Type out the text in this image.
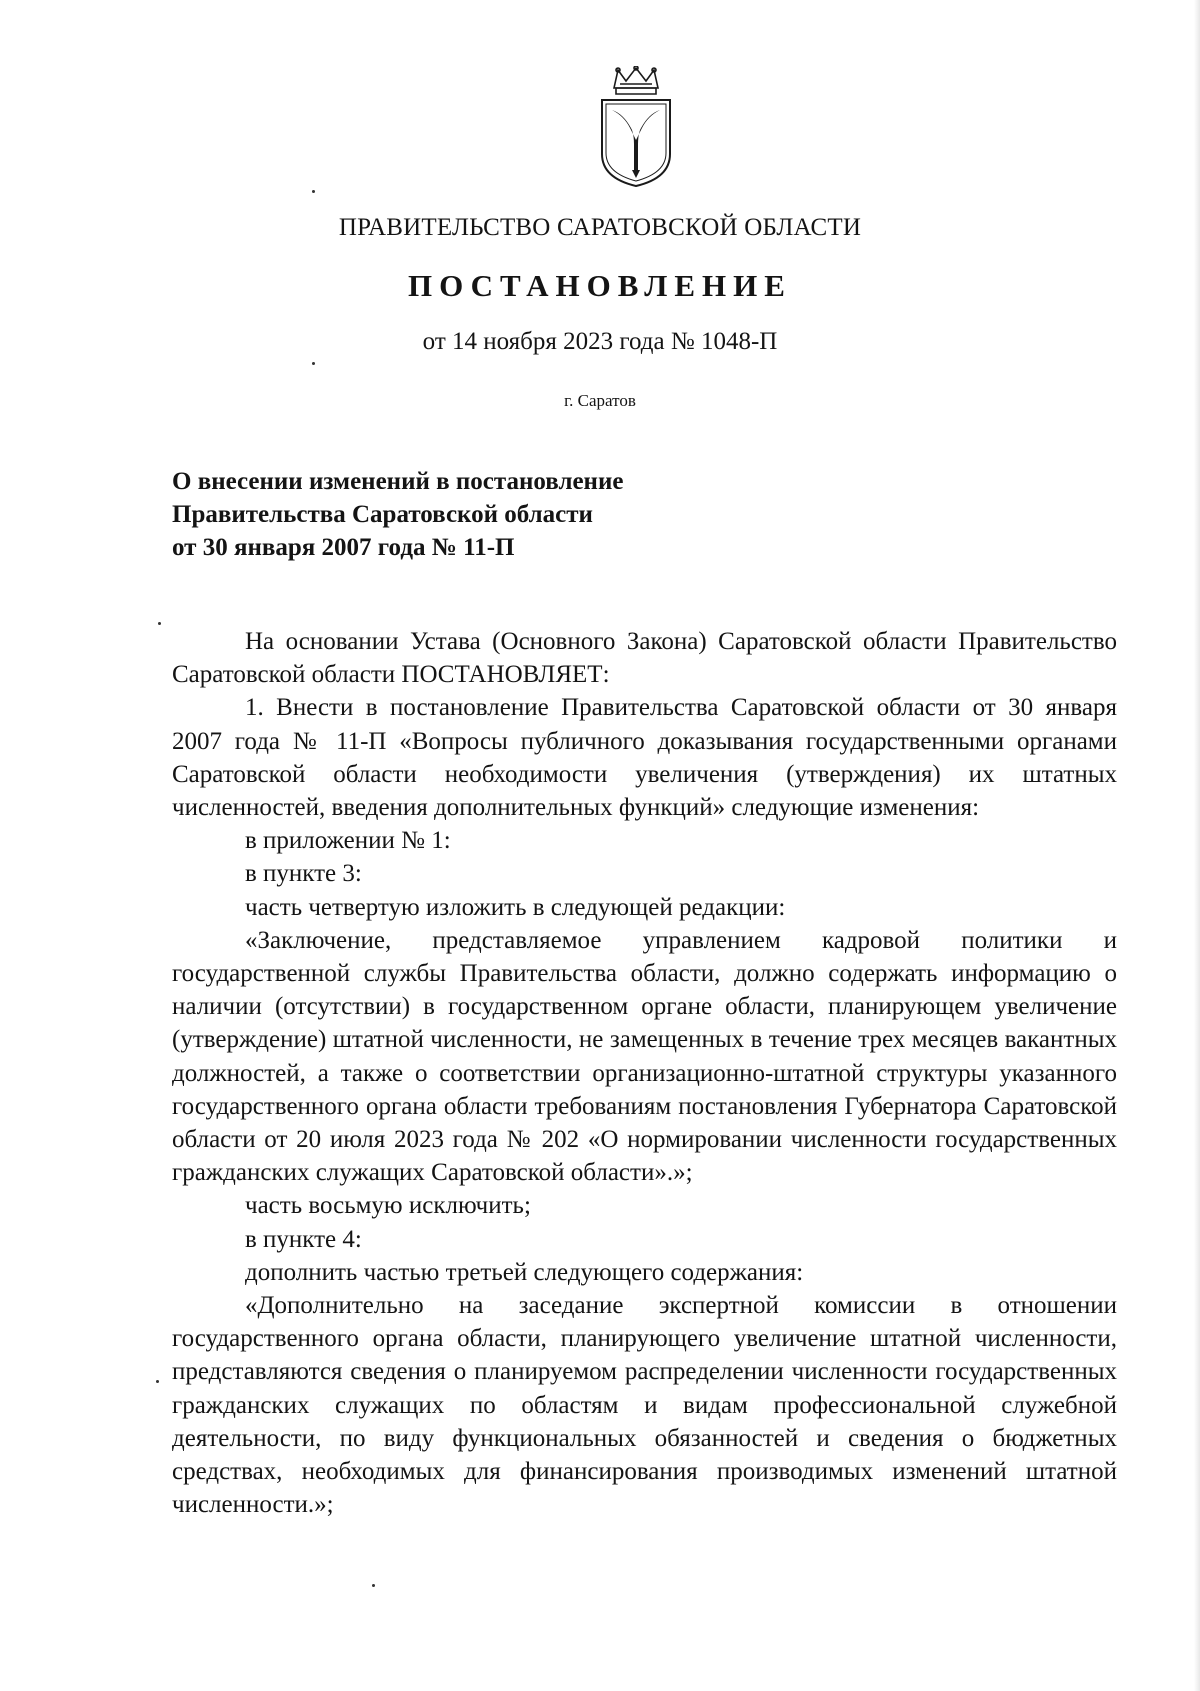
ПРАВИТЕЛЬСТВО САРАТОВСКОЙ ОБЛАСТИ
ПОСТАНОВЛЕНИЕ
от 14 ноября 2023 года № 1048-П
г. Саратов
О внесении изменений в постановление
Правительства Саратовской области
от 30 января 2007 года № 11-П

На основании Устава (Основного Закона) Саратовской области Правительство Саратовской области ПОСТАНОВЛЯЕТ:

1. Внести в постановление Правительства Саратовской области от 30 января 2007 года № 11-П «Вопросы публичного доказывания государственными органами Саратовской области необходимости увеличения (утверждения) их штатных численностей, введения дополнительных функций» следующие изменения:

в приложении № 1:

в пункте 3:

часть четвертую изложить в следующей редакции:

«Заключение, представляемое управлением кадровой политики и государственной службы Правительства области, должно содержать информацию о наличии (отсутствии) в государственном органе области, планирующем увеличение (утверждение) штатной численности, не замещенных в течение трех месяцев вакантных должностей, а также о соответствии организационно-штатной структуры указанного государственного органа области требованиям постановления Губернатора Саратовской области от 20 июля 2023 года № 202 «О нормировании численности государственных гражданских служащих Саратовской области».»;

часть восьмую исключить;

в пункте 4:

дополнить частью третьей следующего содержания:

«Дополнительно на заседание экспертной комиссии в отношении государственного органа области, планирующего увеличение штатной численности, представляются сведения о планируемом распределении численности государственных гражданских служащих по областям и видам профессиональной служебной деятельности, по виду функциональных обязанностей и сведения о бюджетных средствах, необходимых для финансирования производимых изменений штатной численности.»;
